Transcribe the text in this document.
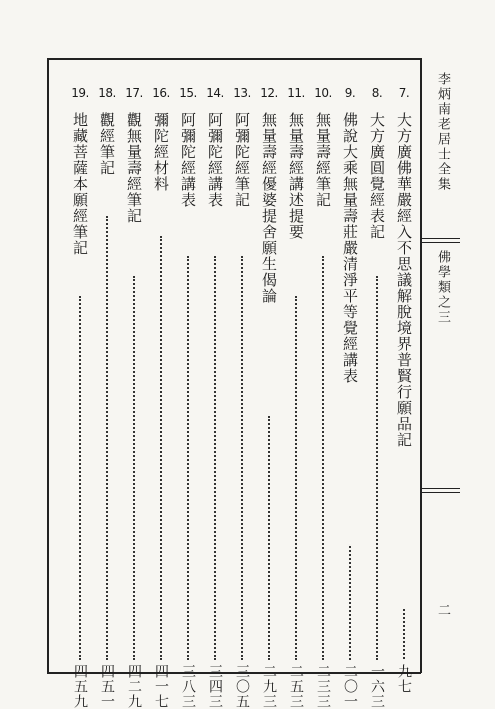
李炳南老居士全集
佛學類之三
二
7.
大方廣佛華嚴經入不思議解脫境界普賢行願品記
九七
8.
大方廣圓覺經表記
一六三
9.
佛說大乘無量壽莊嚴清淨平等覺經講表
二〇一
10.
無量壽經筆記
二三三
11.
無量壽經講述提要
二五三
12.
無量壽經優婆提舍願生偈論
二九三
13.
阿彌陀經筆記
三〇五
14.
阿彌陀經講表
三四三
15.
阿彌陀經講表
三八三
16.
彌陀經材料
四一七
17.
觀無量壽經筆記
四二九
18.
觀經筆記
四五一
19.
地藏菩薩本願經筆記
四五九
